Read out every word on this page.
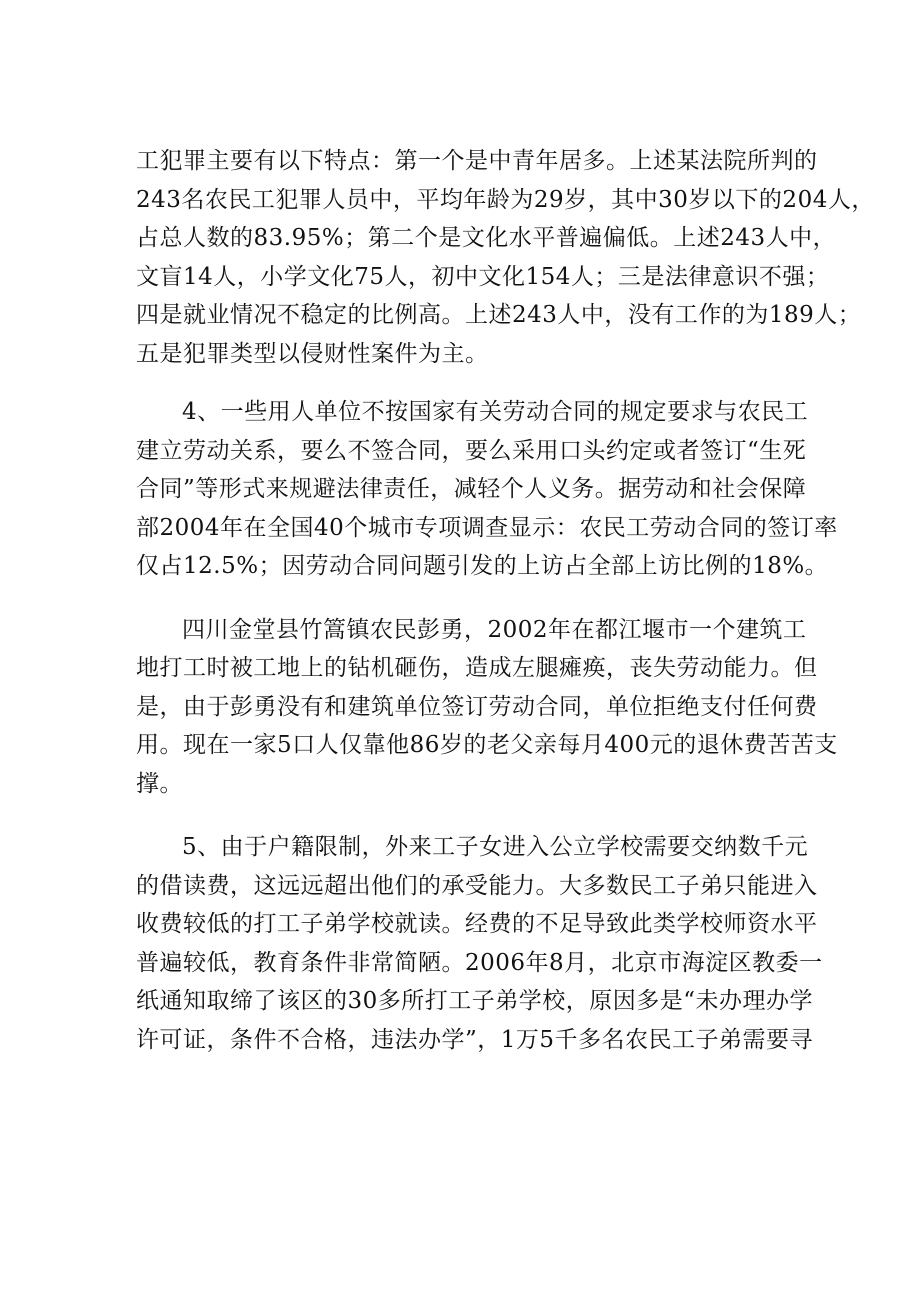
工犯罪主要有以下特点：第一个是中青年居多。上述某法院所判的
243名农民工犯罪人员中，平均年龄为29岁，其中30岁以下的204人，
占总人数的83.95%；第二个是文化水平普遍偏低。上述243人中，
文盲14人，小学文化75人，初中文化154人；三是法律意识不强；
四是就业情况不稳定的比例高。上述243人中，没有工作的为189人；
五是犯罪类型以侵财性案件为主。

4、一些用人单位不按国家有关劳动合同的规定要求与农民工
建立劳动关系，要么不签合同，要么采用口头约定或者签订“生死
合同”等形式来规避法律责任，减轻个人义务。据劳动和社会保障
部2004年在全国40个城市专项调查显示：农民工劳动合同的签订率
仅占12.5%；因劳动合同问题引发的上访占全部上访比例的18%。

四川金堂县竹篙镇农民彭勇，2002年在都江堰市一个建筑工
地打工时被工地上的钻机砸伤，造成左腿瘫痪，丧失劳动能力。但
是，由于彭勇没有和建筑单位签订劳动合同，单位拒绝支付任何费
用。现在一家5口人仅靠他86岁的老父亲每月400元的退休费苦苦支
撑。

5、由于户籍限制，外来工子女进入公立学校需要交纳数千元
的借读费，这远远超出他们的承受能力。大多数民工子弟只能进入
收费较低的打工子弟学校就读。经费的不足导致此类学校师资水平
普遍较低，教育条件非常简陋。2006年8月，北京市海淀区教委一
纸通知取缔了该区的30多所打工子弟学校，原因多是“未办理办学
许可证，条件不合格，违法办学”，1万5千多名农民工子弟需要寻
